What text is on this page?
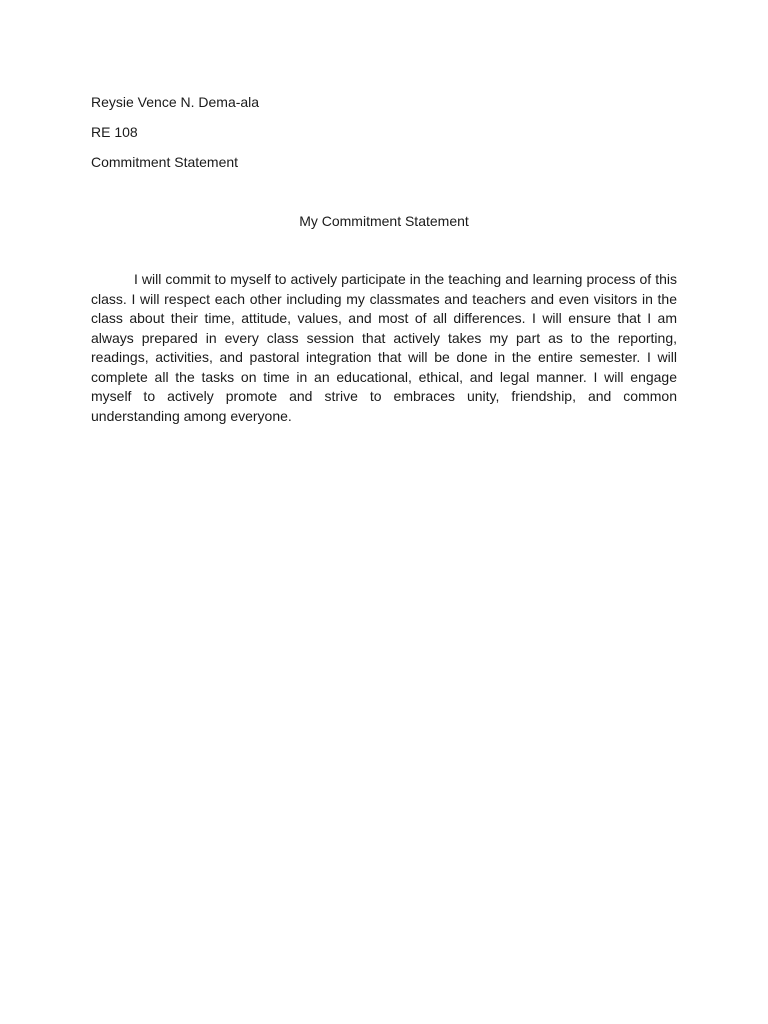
Reysie Vence N. Dema-ala
RE 108
Commitment Statement
My Commitment Statement

I will commit to myself to actively participate in the teaching and learning process of this class. I will respect each other including my classmates and teachers and even visitors in the class about their time, attitude, values, and most of all differences. I will ensure that I am always prepared in every class session that actively takes my part as to the reporting, readings, activities, and pastoral integration that will be done in the entire semester. I will complete all the tasks on time in an educational, ethical, and legal manner. I will engage myself to actively promote and strive to embraces unity, friendship, and common understanding among everyone.
